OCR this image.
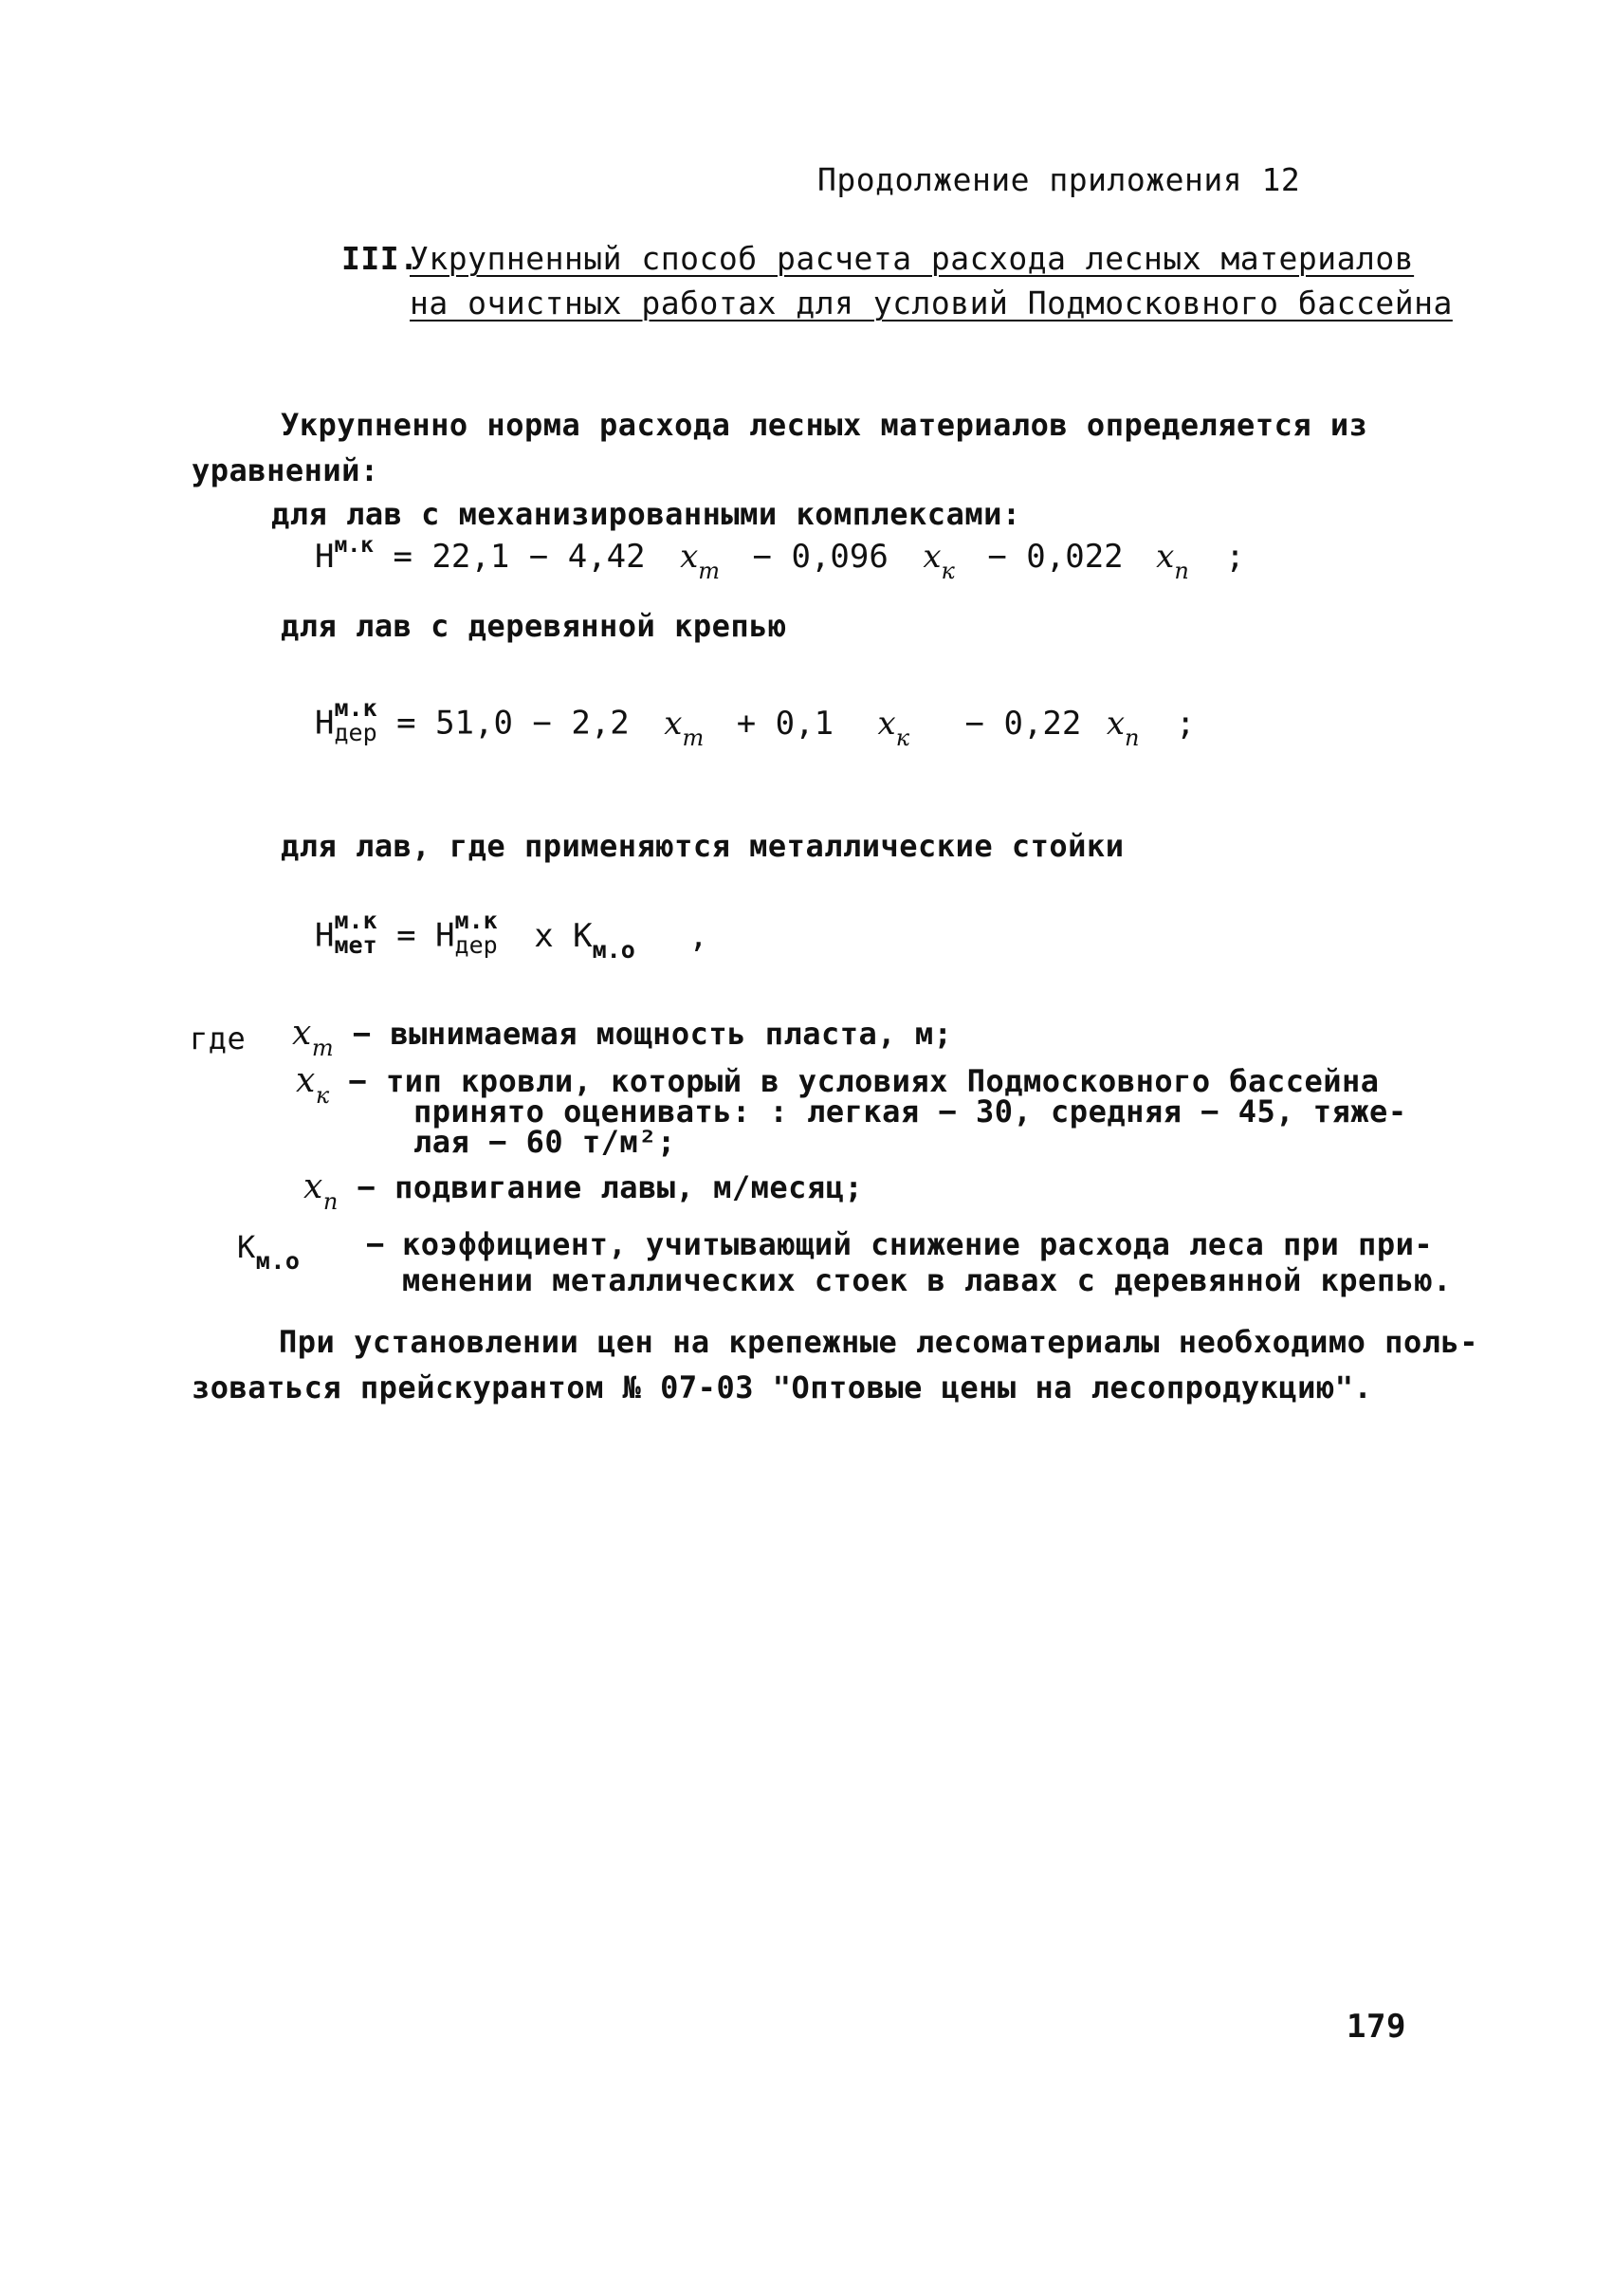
Продолжение приложения 12
III.
Укрупненный способ расчета расхода лесных материалов
на очистных работах для условий Подмосковного бассейна
Укрупненно норма расхода лесных материалов определяется из
уравнений:
для лав с механизированными комплексами:
$Н^{м.к} = 22,1 - 4,42$ $x_m - 0,096$ $x_к - 0,022$ $x_п$ ;
для лав с деревянной крепью
Н м.к
дер = 51,0 − 2,2 $x_m + 0,1$ $x_к - 0,22$ $x_п$ ;
для лав, где применяются металлические стойки
Н м.к
мет = Н м.к
дер x $К_{м.о}$ ,
где $x_m$ − вынимаемая мощность пласта, м;
$x_к$ − тип кровли, который в условиях Подмосковного бассейна
принято оценивать: : легкая − 30, средняя − 45, тяже-
лая − 60 т/м²;
$x_п$ − подвигание лавы, м/месяц;
$К_{м.о}$ − коэффициент, учитывающий снижение расхода леса при при-
менении металлических стоек в лавах с деревянной крепью.
При установлении цен на крепежные лесоматериалы необходимо поль-
зоваться прейскурантом № 07-03 "Оптовые цены на лесопродукцию".
179
